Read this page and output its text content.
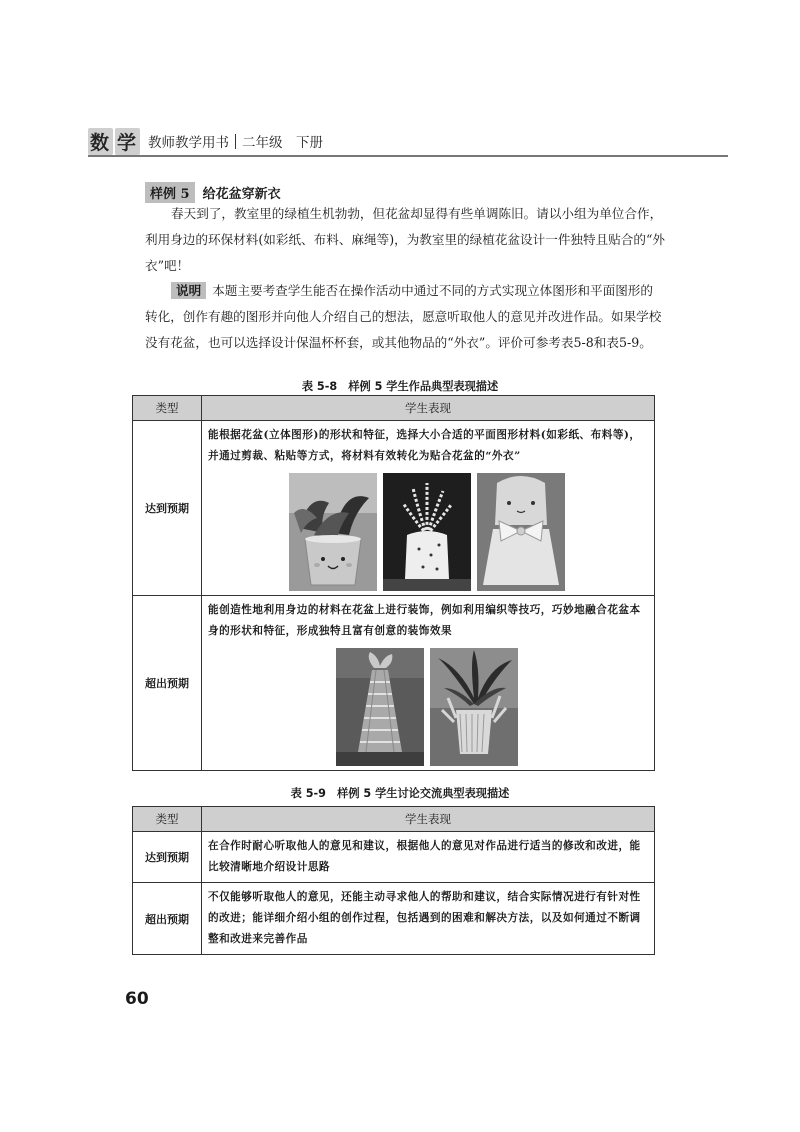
数 学 教师教学用书 二年级　下册
样例 5	给花盆穿新衣

春天到了，教室里的绿植生机勃勃，但花盆却显得有些单调陈旧。请以小组为单位合作，利用身边的环保材料(如彩纸、布料、麻绳等)，为教室里的绿植花盆设计一件独特且贴合的“外衣”吧！

说明 本题主要考查学生能否在操作活动中通过不同的方式实现立体图形和平面图形的转化，创作有趣的图形并向他人介绍自己的想法，愿意听取他人的意见并改进作品。如果学校没有花盆，也可以选择设计保温杯杯套，或其他物品的“外衣”。评价可参考表5-8和表5-9。

表 5-8　样例 5 学生作品典型表现描述
类型	学生表现
达到预期	能根据花盆(立体图形)的形状和特征，选择大小合适的平面图形材料(如彩纸、布料等)，并通过剪裁、粘贴等方式，将材料有效转化为贴合花盆的“外衣”

超出预期	能创造性地利用身边的材料在花盆上进行装饰，例如利用编织等技巧，巧妙地融合花盆本身的形状和特征，形成独特且富有创意的装饰效果
表 5-9　样例 5 学生讨论交流典型表现描述
类型	学生表现
达到预期	在合作时耐心听取他人的意见和建议，根据他人的意见对作品进行适当的修改和改进，能比较清晰地介绍设计思路
超出预期	不仅能够听取他人的意见，还能主动寻求他人的帮助和建议，结合实际情况进行有针对性的改进；能详细介绍小组的创作过程，包括遇到的困难和解决方法，以及如何通过不断调整和改进来完善作品
60
